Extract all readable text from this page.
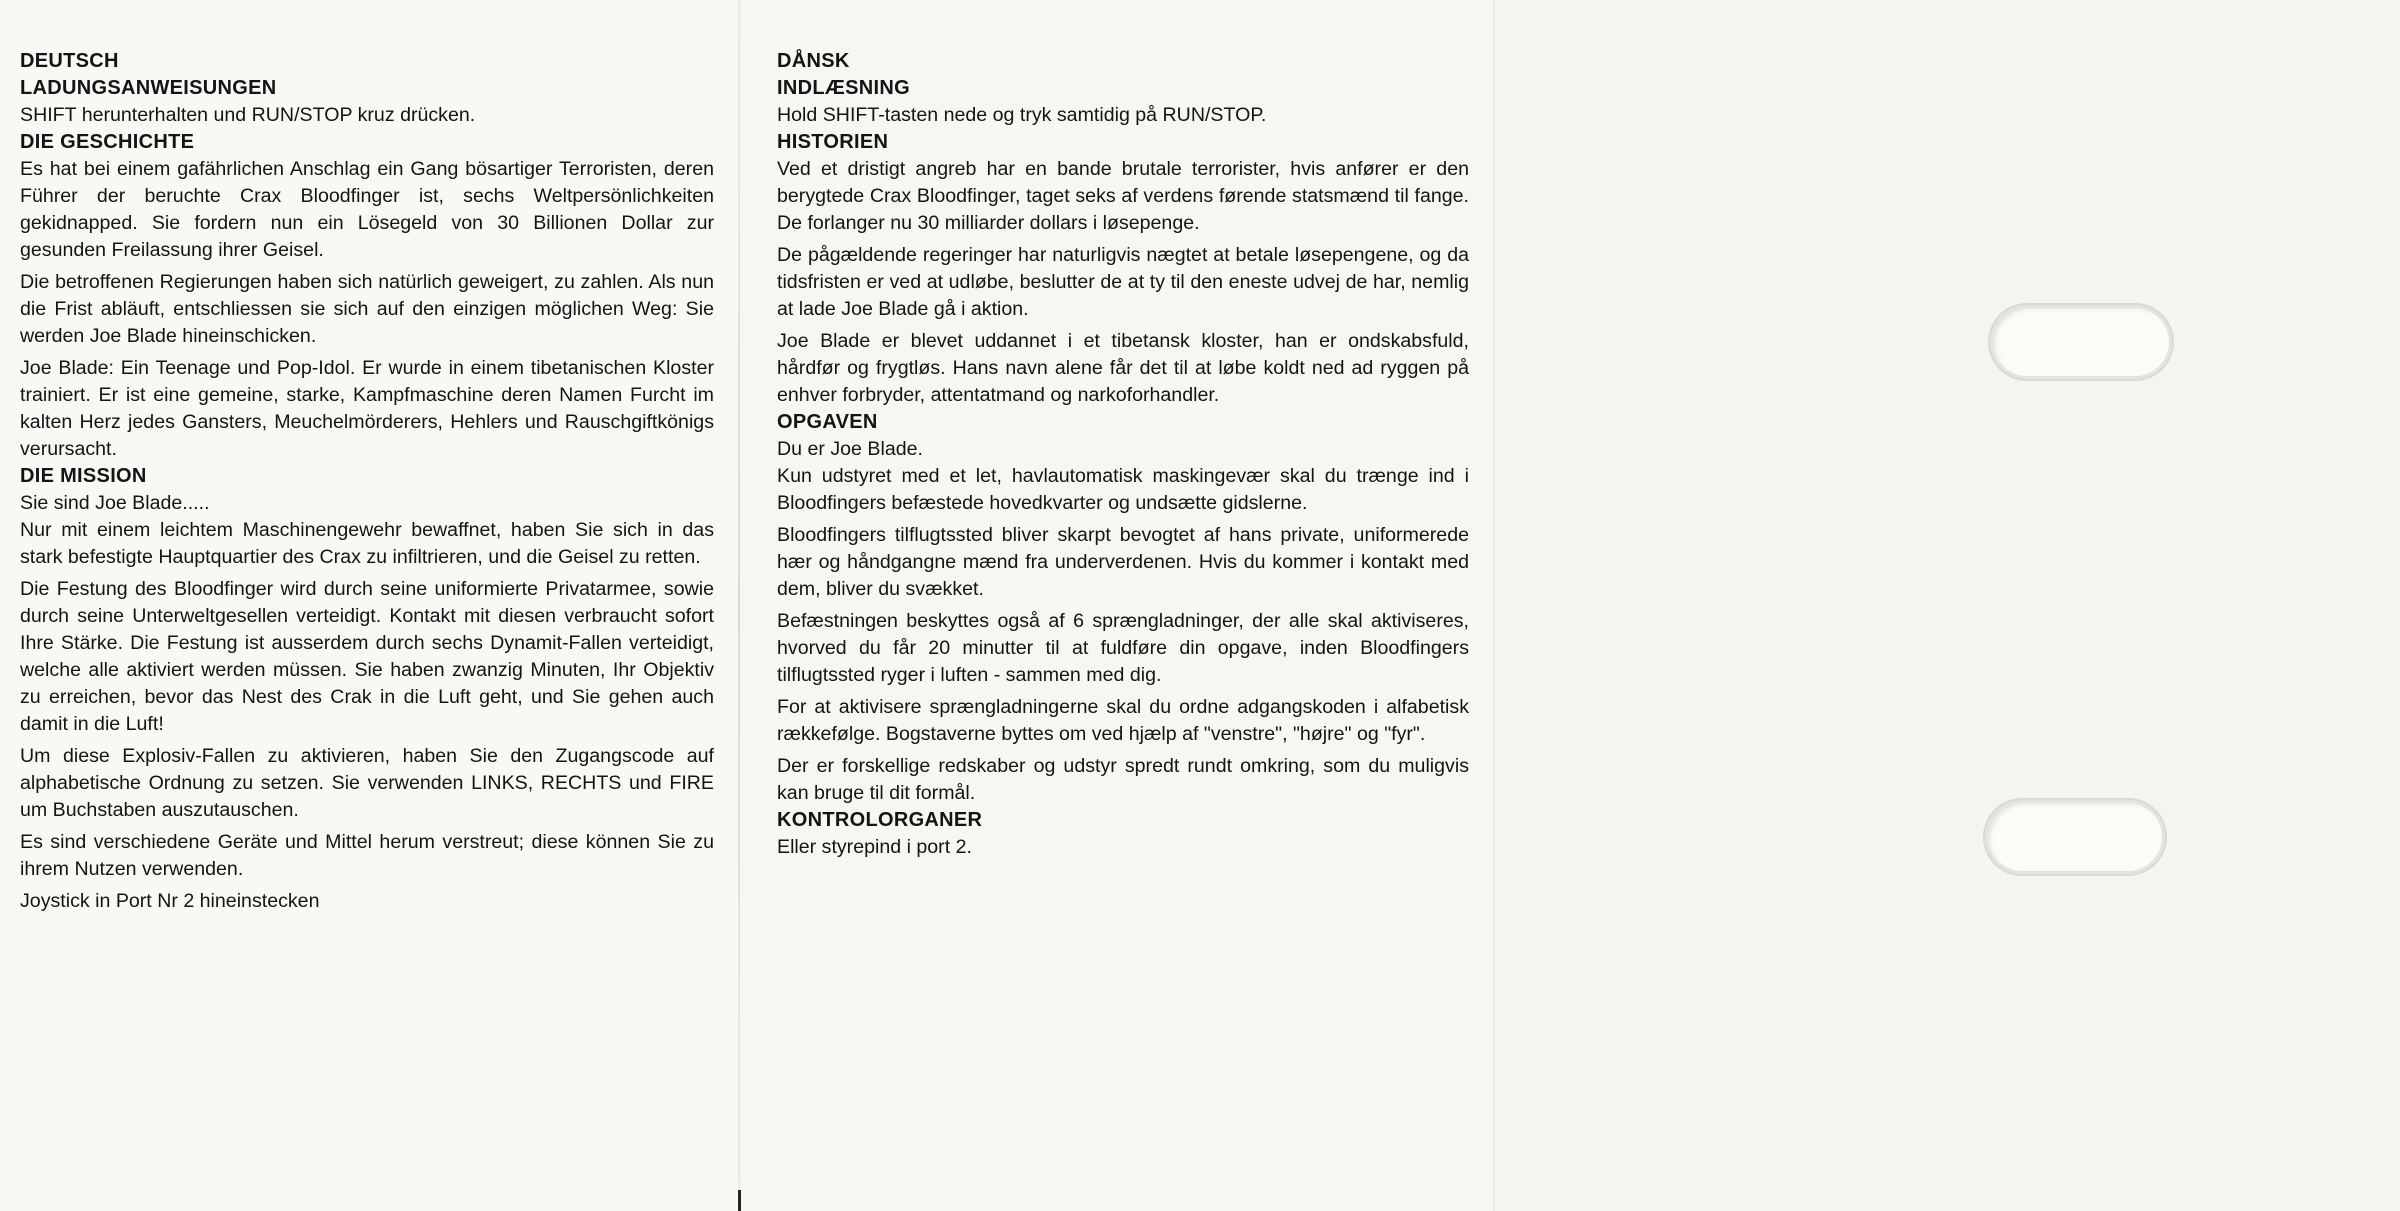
DEUTSCH
LADUNGSANWEISUNGEN

SHIFT herunterhalten und RUN/STOP kruz drücken.

DIE GESCHICHTE

Es hat bei einem gafährlichen Anschlag ein Gang bösartiger Terroristen, deren Führer der beruchte Crax Bloodfinger ist, sechs Weltpersönlichkeiten gekidnapped. Sie fordern nun ein Lösegeld von 30 Billionen Dollar zur gesunden Freilassung ihrer Geisel.

Die betroffenen Regierungen haben sich natürlich geweigert, zu zahlen. Als nun die Frist abläuft, entschliessen sie sich auf den einzigen möglichen Weg: Sie werden Joe Blade hineinschicken.

Joe Blade: Ein Teenage und Pop-Idol. Er wurde in einem tibetanischen Kloster trainiert. Er ist eine gemeine, starke, Kampfmaschine deren Namen Furcht im kalten Herz jedes Gansters, Meuchelmörderers, Hehlers und Rauschgiftkönigs verursacht.

DIE MISSION

Sie sind Joe Blade.....

Nur mit einem leichtem Maschinengewehr bewaffnet, haben Sie sich in das stark befestigte Hauptquartier des Crax zu infiltrieren, und die Geisel zu retten.

Die Festung des Bloodfinger wird durch seine uniformierte Privatarmee, sowie durch seine Unterweltgesellen verteidigt. Kontakt mit diesen verbraucht sofort Ihre Stärke. Die Festung ist ausserdem durch sechs Dynamit-Fallen verteidigt, welche alle aktiviert werden müssen. Sie haben zwanzig Minuten, Ihr Objektiv zu erreichen, bevor das Nest des Crak in die Luft geht, und Sie gehen auch damit in die Luft!

Um diese Explosiv-Fallen zu aktivieren, haben Sie den Zugangscode auf alphabetische Ordnung zu setzen. Sie verwenden LINKS, RECHTS und FIRE um Buchstaben auszutauschen.

Es sind verschiedene Geräte und Mittel herum verstreut; diese können Sie zu ihrem Nutzen verwenden.

Joystick in Port Nr 2 hineinstecken

DÅNSK
INDLÆSNING

Hold SHIFT-tasten nede og tryk samtidig på RUN/STOP.

HISTORIEN

Ved et dristigt angreb har en bande brutale terrorister, hvis anfører er den berygtede Crax Bloodfinger, taget seks af verdens førende statsmænd til fange. De forlanger nu 30 milliarder dollars i løsepenge.

De pågældende regeringer har naturligvis nægtet at betale løsepengene, og da tidsfristen er ved at udløbe, beslutter de at ty til den eneste udvej de har, nemlig at lade Joe Blade gå i aktion.

Joe Blade er blevet uddannet i et tibetansk kloster, han er ondskabsfuld, hårdfør og frygtløs. Hans navn alene får det til at løbe koldt ned ad ryggen på enhver forbryder, attentatmand og narkoforhandler.

OPGAVEN

Du er Joe Blade.

Kun udstyret med et let, havlautomatisk maskingevær skal du trænge ind i Bloodfingers befæstede hovedkvarter og undsætte gidslerne.

Bloodfingers tilflugtssted bliver skarpt bevogtet af hans private, uniformerede hær og håndgangne mænd fra underverdenen. Hvis du kommer i kontakt med dem, bliver du svækket.

Befæstningen beskyttes også af 6 sprængladninger, der alle skal aktiviseres, hvorved du får 20 minutter til at fuldføre din opgave, inden Bloodfingers tilflugtssted ryger i luften - sammen med dig.

For at aktivisere sprængladningerne skal du ordne adgangskoden i alfabetisk rækkefølge. Bogstaverne byttes om ved hjælp af "venstre", "højre" og "fyr".

Der er forskellige redskaber og udstyr spredt rundt omkring, som du muligvis kan bruge til dit formål.

KONTROLORGANER

Eller styrepind i port 2.
